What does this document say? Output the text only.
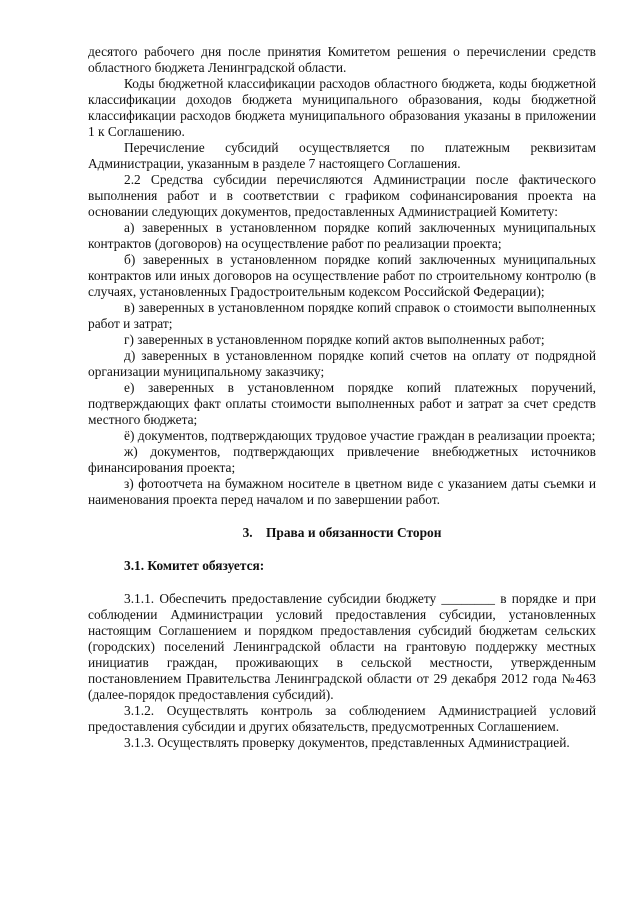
десятого рабочего дня после принятия Комитетом решения о перечислении средств областного бюджета Ленинградской области.

Коды бюджетной классификации расходов областного бюджета, коды бюджетной классификации доходов бюджета муниципального образования, коды бюджетной классификации расходов бюджета муниципального образования указаны в приложении 1 к Соглашению.

Перечисление субсидий осуществляется по платежным реквизитам Администрации, указанным в разделе 7 настоящего Соглашения.

2.2 Средства субсидии перечисляются Администрации после фактического выполнения работ и в соответствии с графиком софинансирования проекта на основании следующих документов, предоставленных Администрацией Комитету:

а) заверенных в установленном порядке копий заключенных муниципальных контрактов (договоров) на осуществление работ по реализации проекта;

б) заверенных в установленном порядке копий заключенных муниципальных контрактов или иных договоров на осуществление работ по строительному контролю (в случаях, установленных Градостроительным кодексом Российской Федерации);

в) заверенных в установленном порядке копий справок о стоимости выполненных работ и затрат;

г) заверенных в установленном порядке копий актов выполненных работ;

д) заверенных в установленном порядке копий счетов на оплату от подрядной организации муниципальному заказчику;

е) заверенных в установленном порядке копий платежных поручений, подтверждающих факт оплаты стоимости выполненных работ и затрат за счет средств местного бюджета;

ё) документов, подтверждающих трудовое участие граждан в реализации проекта;

ж) документов, подтверждающих привлечение внебюджетных источников финансирования проекта;

з) фотоотчета на бумажном носителе в цветном виде с указанием даты съемки и наименования проекта перед началом и по завершении работ.

3.    Права и обязанности Сторон

3.1. Комитет обязуется:

3.1.1. Обеспечить предоставление субсидии бюджету ________ в порядке и при соблюдении Администрации условий предоставления субсидии, установленных настоящим Соглашением и порядком предоставления субсидий бюджетам сельских (городских) поселений Ленинградской области на грантовую поддержку местных инициатив граждан, проживающих в сельской местности, утвержденным постановлением Правительства Ленинградской области от 29 декабря 2012 года №463 (далее-порядок предоставления субсидий).

3.1.2. Осуществлять контроль за соблюдением Администрацией условий предоставления субсидии и других обязательств, предусмотренных Соглашением.

3.1.3. Осуществлять проверку документов, представленных Администрацией.
